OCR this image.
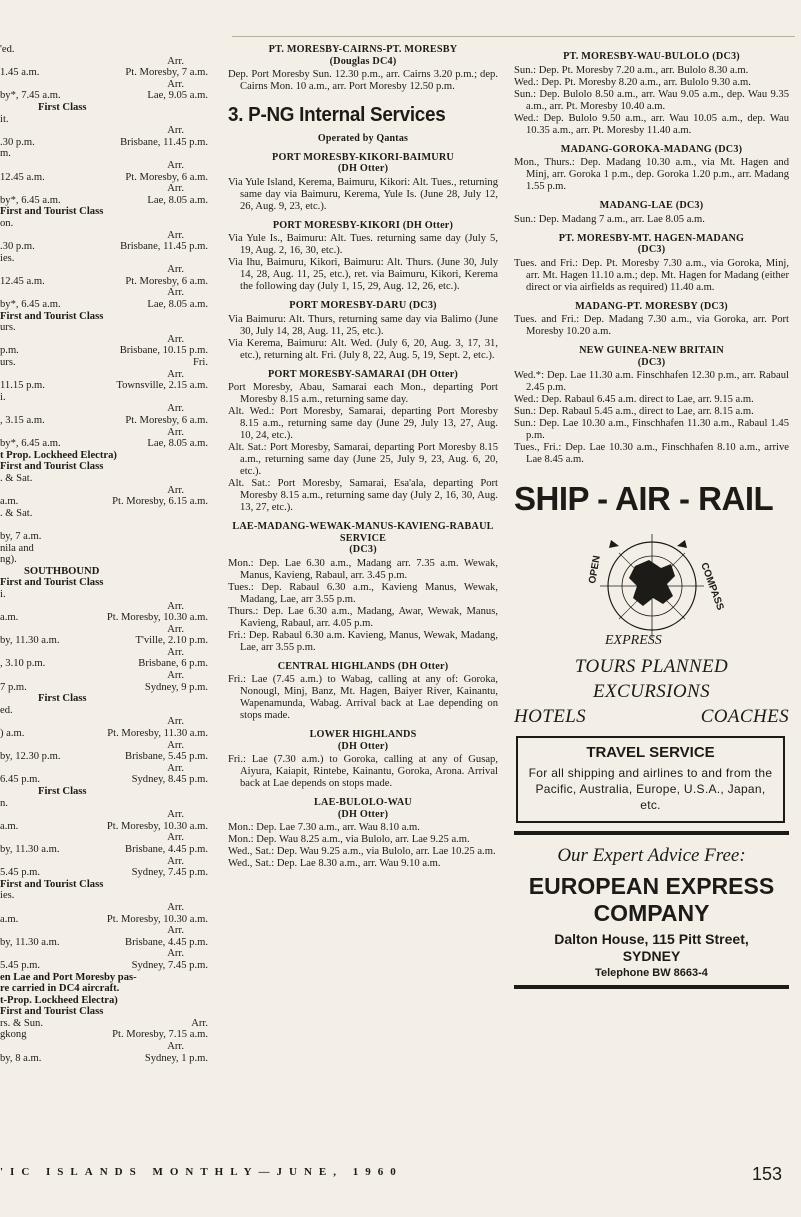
'ed.
Arr.
1.45 a.m.	Pt. Moresby, 7 a.m.
Arr.
by*, 7.45 a.m.	Lae, 9.05 a.m.
First Class
it.
Arr.
.30 p.m.	Brisbane, 11.45 p.m.
m.
Arr.
12.45 a.m.	Pt. Moresby, 6 a.m.
Arr.
by*, 6.45 a.m.	Lae, 8.05 a.m.
First and Tourist Class
on.
Arr.
.30 p.m.	Brisbane, 11.45 p.m.
ies.
Arr.
12.45 a.m.	Pt. Moresby, 6 a.m.
Arr.
by*, 6.45 a.m.	Lae, 8.05 a.m.
First and Tourist Class
urs.
Arr.
p.m.	Brisbane, 10.15 p.m.
urs.	Fri.
Arr.
11.15 p.m.	Townsville, 2.15 a.m.
i.
Arr.
, 3.15 a.m.	Pt. Moresby, 6 a.m.
Arr.
by*, 6.45 a.m.	Lae, 8.05 a.m.
t Prop. Lockheed Electra)
First and Tourist Class
. & Sat.
Arr.
a.m.	Pt. Moresby, 6.15 a.m.
. & Sat.
by, 7 a.m.
nila and
ng).
SOUTHBOUND
First and Tourist Class
i.
Arr.
a.m.	Pt. Moresby, 10.30 a.m.
Arr.
by, 11.30 a.m.	T'ville, 2.10 p.m.
Arr.
, 3.10 p.m.	Brisbane, 6 p.m.
Arr.
7 p.m.	Sydney, 9 p.m.
First Class
ed.
Arr.
) a.m.	Pt. Moresby, 11.30 a.m.
Arr.
by, 12.30 p.m.	Brisbane, 5.45 p.m.
Arr.
6.45 p.m.	Sydney, 8.45 p.m.
First Class
n.
Arr.
a.m.	Pt. Moresby, 10.30 a.m.
Arr.
by, 11.30 a.m.	Brisbane, 4.45 p.m.
Arr.
5.45 p.m.	Sydney, 7.45 p.m.
First and Tourist Class
ies.
Arr.
a.m.	Pt. Moresby, 10.30 a.m.
Arr.
by, 11.30 a.m.	Brisbane, 4.45 p.m.
Arr.
5.45 p.m.	Sydney, 7.45 p.m.
en Lae and Port Moresby pas-
re carried in DC4 aircraft.
t-Prop. Lockheed Electra)
First and Tourist Class
rs. & Sun.	Arr.
gkong	Pt. Moresby, 7.15 a.m.
Arr.
by, 8 a.m.	Sydney, 1 p.m.
PT. MORESBY-CAIRNS-PT. MORESBY
(Douglas DC4)

Dep. Port Moresby Sun. 12.30 p.m., arr. Cairns 3.20 p.m.; dep. Cairns Mon. 10 a.m., arr. Port Moresby 12.50 p.m.

3. P-NG Internal Services
Operated by Qantas
PORT MORESBY-KIKORI-BAIMURU
(DH Otter)

Via Yule Island, Kerema, Baimuru, Kikori: Alt. Tues., returning same day via Baimuru, Kerema, Yule Is. (June 28, July 12, 26, Aug. 9, 23, etc.).

PORT MORESBY-KIKORI (DH Otter)

Via Yule Is., Baimuru: Alt. Tues. returning same day (July 5, 19, Aug. 2, 16, 30, etc.).

Via Ihu, Baimuru, Kikori, Baimuru: Alt. Thurs. (June 30, July 14, 28, Aug. 11, 25, etc.), ret. via Baimuru, Kikori, Kerema the following day (July 1, 15, 29, Aug. 12, 26, etc.).

PORT MORESBY-DARU (DC3)

Via Baimuru: Alt. Thurs, returning same day via Balimo (June 30, July 14, 28, Aug. 11, 25, etc.).

Via Kerema, Baimuru: Alt. Wed. (July 6, 20, Aug. 3, 17, 31, etc.), returning alt. Fri. (July 8, 22, Aug. 5, 19, Sept. 2, etc.).

PORT MORESBY-SAMARAI (DH Otter)

Port Moresby, Abau, Samarai each Mon., departing Port Moresby 8.15 a.m., returning same day.

Alt. Wed.: Port Moresby, Samarai, departing Port Moresby 8.15 a.m., returning same day (June 29, July 13, 27, Aug. 10, 24, etc.).

Alt. Sat.: Port Moresby, Samarai, departing Port Moresby 8.15 a.m., returning same day (June 25, July 9, 23, Aug. 6, 20, etc.).

Alt. Sat.: Port Moresby, Samarai, Esa'ala, departing Port Moresby 8.15 a.m., returning same day (July 2, 16, 30, Aug. 13, 27, etc.).

LAE-MADANG-WEWAK-MANUS-KAVIENG-RABAUL SERVICE
(DC3)

Mon.: Dep. Lae 6.30 a.m., Madang arr. 7.35 a.m. Wewak, Manus, Kavieng, Rabaul, arr. 3.45 p.m.

Tues.: Dep. Rabaul 6.30 a.m., Kavieng Manus, Wewak, Madang, Lae, arr 3.55 p.m.

Thurs.: Dep. Lae 6.30 a.m., Madang, Awar, Wewak, Manus, Kavieng, Rabaul, arr. 4.05 p.m.

Fri.: Dep. Rabaul 6.30 a.m. Kavieng, Manus, Wewak, Madang, Lae, arr 3.55 p.m.

CENTRAL HIGHLANDS (DH Otter)

Fri.: Lae (7.45 a.m.) to Wabag, calling at any of: Goroka, Nonougl, Minj, Banz, Mt. Hagen, Baiyer River, Kainantu, Wapenamunda, Wabag. Arrival back at Lae depending on stops made.

LOWER HIGHLANDS
(DH Otter)

Fri.: Lae (7.30 a.m.) to Goroka, calling at any of Gusap, Aiyura, Kaiapit, Rintebe, Kainantu, Goroka, Arona. Arrival back at Lae depends on stops made.

LAE-BULOLO-WAU
(DH Otter)

Mon.: Dep. Lae 7.30 a.m., arr. Wau 8.10 a.m.

Mon.: Dep. Wau 8.25 a.m., via Bulolo, arr. Lae 9.25 a.m.

Wed., Sat.: Dep. Wau 9.25 a.m., via Bulolo, arr. Lae 10.25 a.m.

Wed., Sat.: Dep. Lae 8.30 a.m., arr. Wau 9.10 a.m.

PT. MORESBY-WAU-BULOLO (DC3)

Sun.: Dep. Pt. Moresby 7.20 a.m., arr. Bulolo 8.30 a.m.

Wed.: Dep. Pt. Moresby 8.20 a.m., arr. Bulolo 9.30 a.m.

Sun.: Dep. Bulolo 8.50 a.m., arr. Wau 9.05 a.m., dep. Wau 9.35 a.m., arr. Pt. Moresby 10.40 a.m.

Wed.: Dep. Bulolo 9.50 a.m., arr. Wau 10.05 a.m., dep. Wau 10.35 a.m., arr. Pt. Moresby 11.40 a.m.

MADANG-GOROKA-MADANG (DC3)

Mon., Thurs.: Dep. Madang 10.30 a.m., via Mt. Hagen and Minj, arr. Goroka 1 p.m., dep. Goroka 1.20 p.m., arr. Madang 1.55 p.m.

MADANG-LAE (DC3)

Sun.: Dep. Madang 7 a.m., arr. Lae 8.05 a.m.

PT. MORESBY-MT. HAGEN-MADANG
(DC3)

Tues. and Fri.: Dep. Pt. Moresby 7.30 a.m., via Goroka, Minj, arr. Mt. Hagen 11.10 a.m.; dep. Mt. Hagen for Madang (either direct or via airfields as required) 11.40 a.m.

MADANG-PT. MORESBY (DC3)

Tues. and Fri.: Dep. Madang 7.30 a.m., via Goroka, arr. Port Moresby 10.20 a.m.

NEW GUINEA-NEW BRITAIN
(DC3)

Wed.*: Dep. Lae 11.30 a.m. Finschhafen 12.30 p.m., arr. Rabaul 2.45 p.m.

Wed.: Dep. Rabaul 6.45 a.m. direct to Lae, arr. 9.15 a.m.

Sun.: Dep. Rabaul 5.45 a.m., direct to Lae, arr. 8.15 a.m.

Sun.: Dep. Lae 10.30 a.m., Finschhafen 11.30 a.m., Rabaul 1.45 p.m.

Tues., Fri.: Dep. Lae 10.30 a.m., Finschhafen 8.10 a.m., arrive Lae 8.45 a.m.

SHIP - AIR - RAIL
EXPRESS
COMPASS
OPEN
TOURS PLANNED
EXCURSIONS
HOTELS	COACHES
TRAVEL SERVICE
For all shipping and airlines to and from the Pacific, Australia, Europe, U.S.A., Japan, etc.
Our Expert Advice Free:
EUROPEAN EXPRESS
COMPANY
Dalton House, 115 Pitt Street,
SYDNEY
Telephone BW 8663-4
'IC ISLANDS MONTHLY—JUNE, 1960	153
